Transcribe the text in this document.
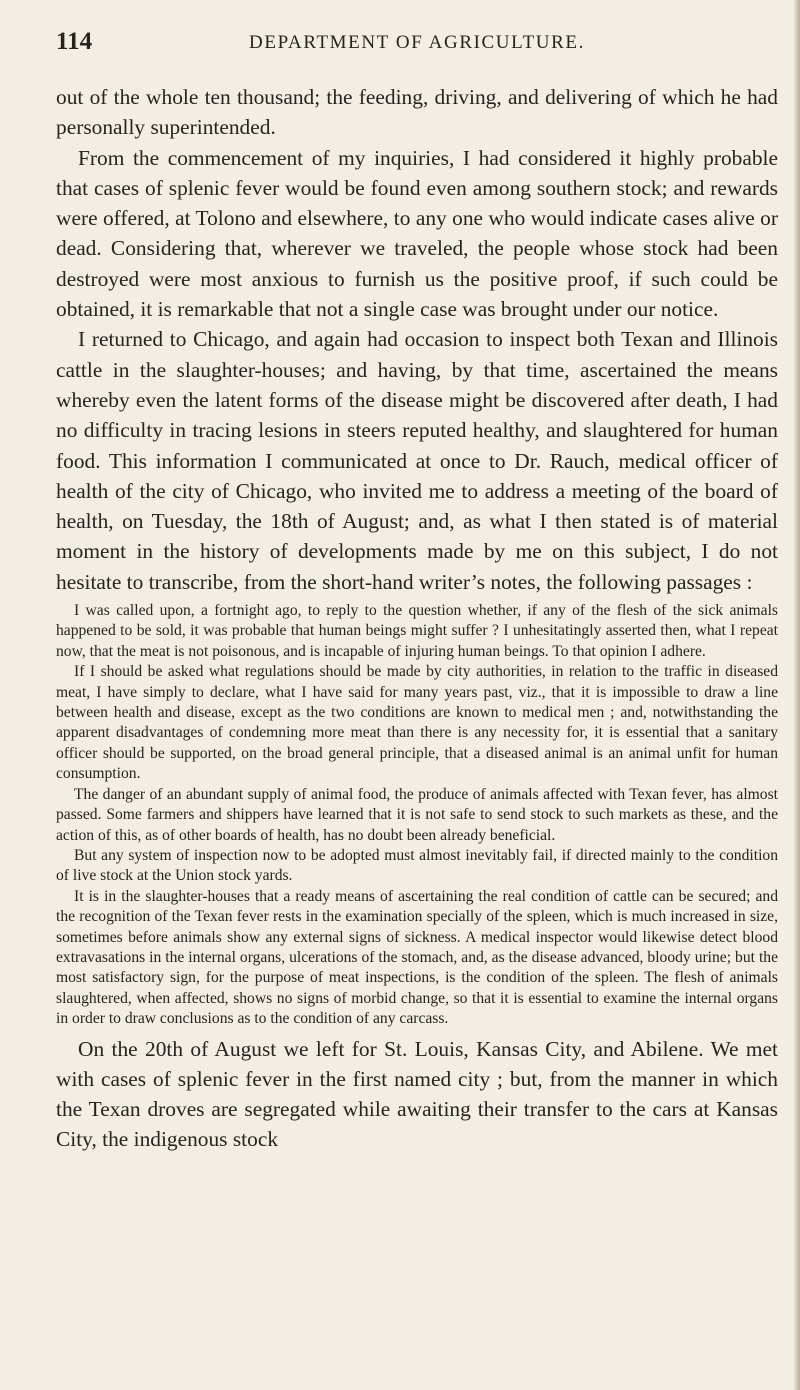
114	DEPARTMENT OF AGRICULTURE.

out of the whole ten thousand; the feeding, driving, and delivering of which he had personally superintended.

From the commencement of my inquiries, I had considered it highly probable that cases of splenic fever would be found even among southern stock; and rewards were offered, at Tolono and elsewhere, to any one who would indicate cases alive or dead. Considering that, wherever we traveled, the people whose stock had been destroyed were most anxious to furnish us the positive proof, if such could be obtained, it is remarkable that not a single case was brought under our notice.

I returned to Chicago, and again had occasion to inspect both Texan and Illinois cattle in the slaughter-houses; and having, by that time, ascertained the means whereby even the latent forms of the disease might be discovered after death, I had no difficulty in tracing lesions in steers reputed healthy, and slaughtered for human food. This information I communicated at once to Dr. Rauch, medical officer of health of the city of Chicago, who invited me to address a meeting of the board of health, on Tuesday, the 18th of August; and, as what I then stated is of material moment in the history of developments made by me on this subject, I do not hesitate to transcribe, from the short-hand writer’s notes, the following passages :

I was called upon, a fortnight ago, to reply to the question whether, if any of the flesh of the sick animals happened to be sold, it was probable that human beings might suffer ? I unhesitatingly asserted then, what I repeat now, that the meat is not poisonous, and is incapable of injuring human beings. To that opinion I adhere.

If I should be asked what regulations should be made by city authorities, in relation to the traffic in diseased meat, I have simply to declare, what I have said for many years past, viz., that it is impossible to draw a line between health and disease, except as the two conditions are known to medical men ; and, notwithstanding the apparent disadvantages of condemning more meat than there is any necessity for, it is essential that a sanitary officer should be supported, on the broad general principle, that a diseased animal is an animal unfit for human consumption.

The danger of an abundant supply of animal food, the produce of animals affected with Texan fever, has almost passed. Some farmers and shippers have learned that it is not safe to send stock to such markets as these, and the action of this, as of other boards of health, has no doubt been already beneficial.

But any system of inspection now to be adopted must almost inevitably fail, if directed mainly to the condition of live stock at the Union stock yards.

It is in the slaughter-houses that a ready means of ascertaining the real condition of cattle can be secured; and the recognition of the Texan fever rests in the examination specially of the spleen, which is much increased in size, sometimes before animals show any external signs of sickness. A medical inspector would likewise detect blood extravasations in the internal organs, ulcerations of the stomach, and, as the disease advanced, bloody urine; but the most satisfactory sign, for the purpose of meat inspections, is the condition of the spleen. The flesh of animals slaughtered, when affected, shows no signs of morbid change, so that it is essential to examine the internal organs in order to draw conclusions as to the condition of any carcass.

On the 20th of August we left for St. Louis, Kansas City, and Abilene. We met with cases of splenic fever in the first named city ; but, from the manner in which the Texan droves are segregated while awaiting their transfer to the cars at Kansas City, the indigenous stock
